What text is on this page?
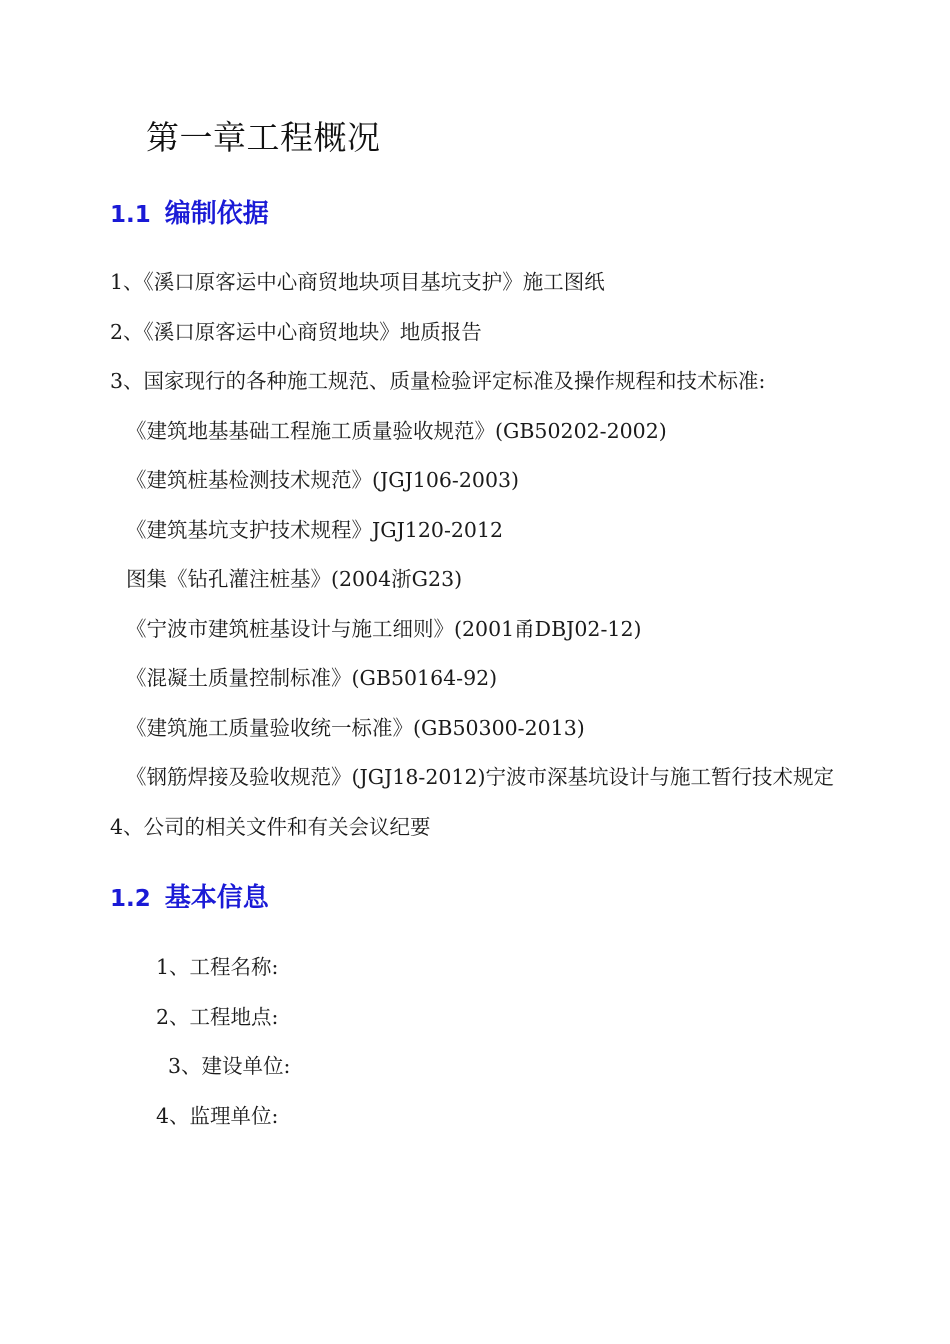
第一章工程概况
1.1 编制依据
1、《溪口原客运中心商贸地块项目基坑支护》施工图纸
2、《溪口原客运中心商贸地块》地质报告
3、国家现行的各种施工规范、质量检验评定标准及操作规程和技术标准:
《建筑地基基础工程施工质量验收规范》(GB50202-2002)
《建筑桩基检测技术规范》(JGJ106-2003)
《建筑基坑支护技术规程》JGJ120-2012
图集《钻孔灌注桩基》(2004浙G23)
《宁波市建筑桩基设计与施工细则》(2001甬DBJ02-12)
《混凝土质量控制标准》(GB50164-92)
《建筑施工质量验收统一标准》(GB50300-2013)
《钢筋焊接及验收规范》(JGJ18-2012)宁波市深基坑设计与施工暂行技术规定
4、公司的相关文件和有关会议纪要
1.2 基本信息
1、工程名称:
2、工程地点:
3、建设单位:
4、监理单位:
